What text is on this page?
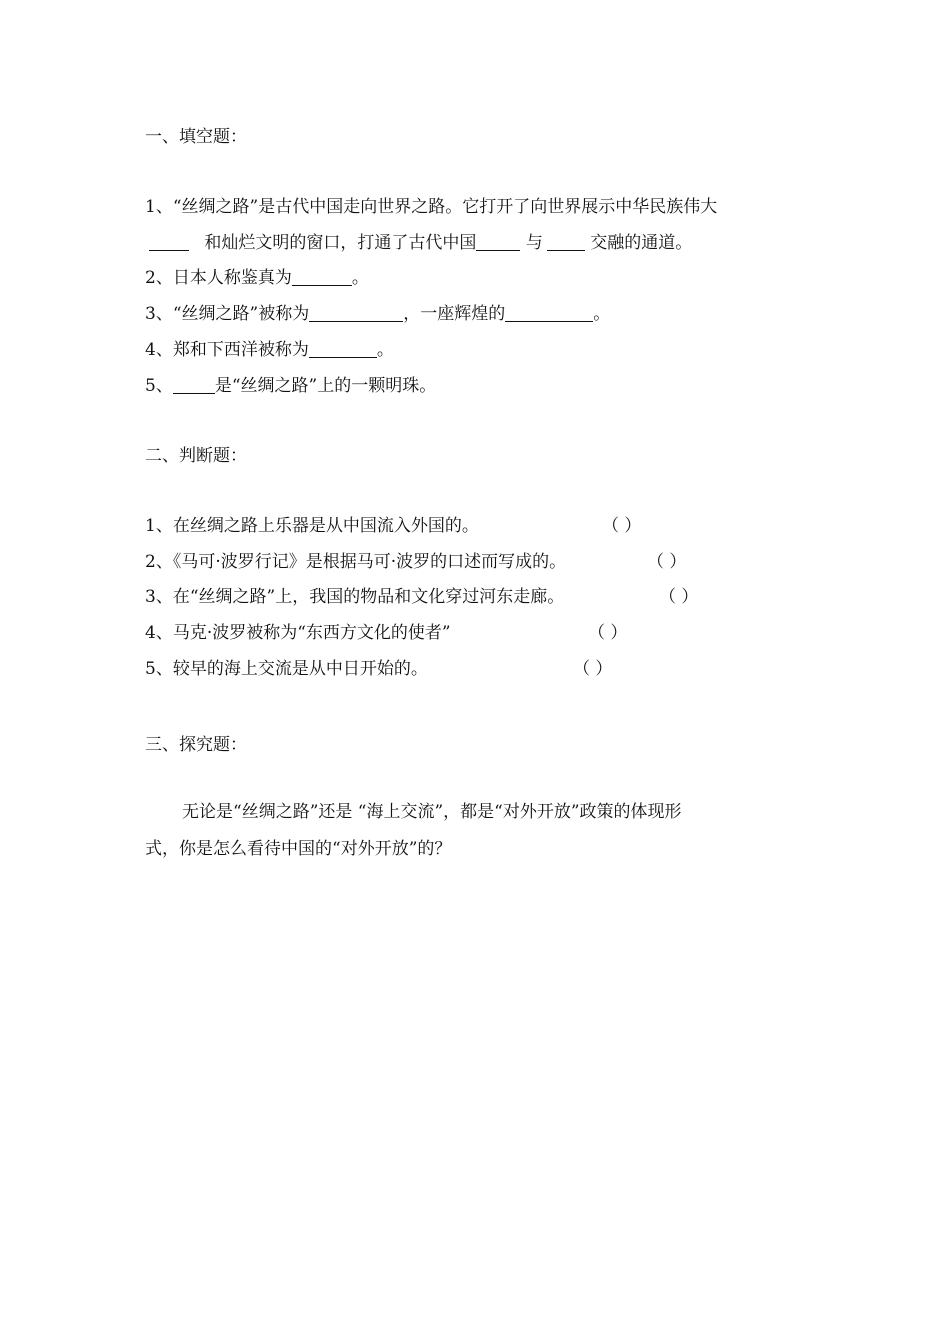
一、填空题：
1、“丝绸之路”是古代中国走向世界之路。它打开了向世界展示中华民族伟大
和灿烂文明的窗口，打通了古代中国	与	交融的通道。
2、日本人称鉴真为	。
3、“丝绸之路”被称为	，一座辉煌的	。
4、郑和下西洋被称为	。
5、 是“丝绸之路”上的一颗明珠。
二、判断题：
1、在丝绸之路上乐器是从中国流入外国的。	（ ）
2、《马可·波罗行记》是根据马可·波罗的口述而写成的。	（ ）
3、在“丝绸之路”上，我国的物品和文化穿过河东走廊。	（ ）
4、马克·波罗被称为“东西方文化的使者”	（ ）
5、较早的海上交流是从中日开始的。	（ ）
三、探究题：
无论是“丝绸之路”还是 “海上交流”，都是“对外开放”政策的体现形
式，你是怎么看待中国的“对外开放”的？
